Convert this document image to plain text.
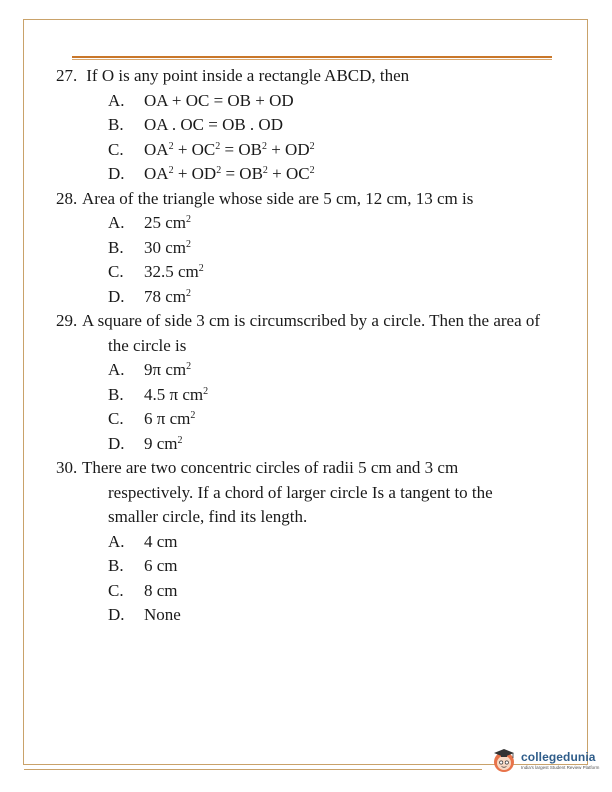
27. If O is any point inside a rectangle ABCD, then
A. OA + OC = OB + OD
B. OA . OC = OB . OD
C. $OA^2 + OC^2 = OB^2 + OD^2$
D. $OA^2 + OD^2 = OB^2 + OC^2$
28. Area of the triangle whose side are 5 cm, 12 cm, 13 cm is
A. 25 $cm^2$
B. 30 $cm^2$
C. 32.5 $cm^2$
D. 78 $cm^2$
29. A square of side 3 cm is circumscribed by a circle. Then the area of the circle is
A. 9π $cm^2$
B. 4.5 π $cm^2$
C. 6 π $cm^2$
D. 9 $cm^2$
30. There are two concentric circles of radii 5 cm and 3 cm respectively. If a chord of larger circle Is a tangent to the smaller circle, find its length.
A. 4 cm
B. 6 cm
C. 8 cm
D. None
collegedunia
India's largest Student Review Platform
